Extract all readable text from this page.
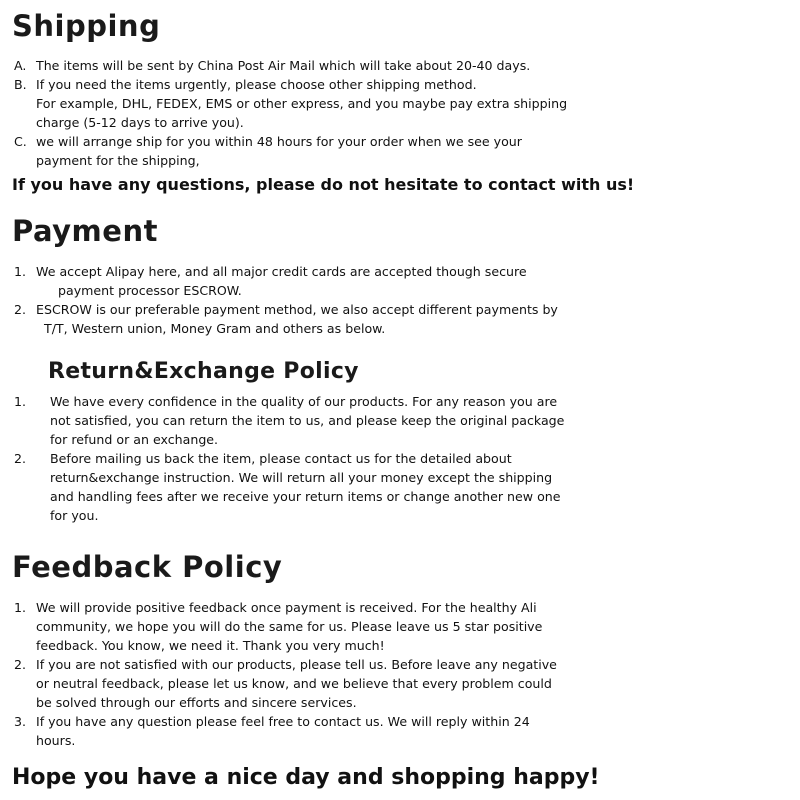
Shipping
A. The items will be sent by China Post Air Mail which will take about 20-40 days.
B. If you need the items urgently, please choose other shipping method.
For example, DHL, FEDEX, EMS or other express, and you maybe pay extra shipping
charge (5-12 days to arrive you).
C. we will arrange ship for you within 48 hours for your order when we see your
payment for the shipping,
If you have any questions, please do not hesitate to contact with us!
Payment
1. We accept Alipay here, and all major credit cards are accepted though secure
payment processor ESCROW.
2. ESCROW is our preferable payment method, we also accept different payments by
T/T, Western union, Money Gram and others as below.
Return&Exchange Policy
1. We have every confidence in the quality of our products. For any reason you are
not satisfied, you can return the item to us, and please keep the original package
for refund or an exchange.
2. Before mailing us back the item, please contact us for the detailed about
return&exchange instruction. We will return all your money except the shipping
and handling fees after we receive your return items or change another new one
for you.
Feedback Policy
1. We will provide positive feedback once payment is received. For the healthy Ali
community, we hope you will do the same for us. Please leave us 5 star positive
feedback. You know, we need it. Thank you very much!
2. If you are not satisfied with our products, please tell us. Before leave any negative
or neutral feedback, please let us know, and we believe that every problem could
be solved through our efforts and sincere services.
3. If you have any question please feel free to contact us. We will reply within 24
hours.
Hope you have a nice day and shopping happy!
